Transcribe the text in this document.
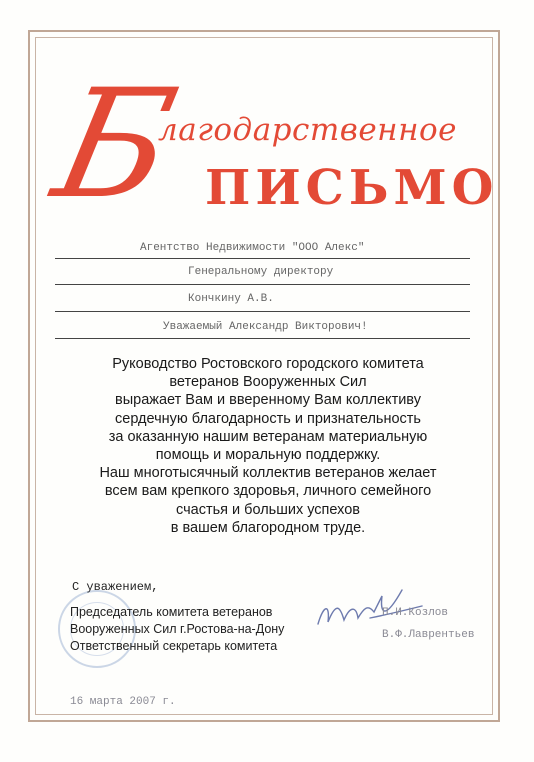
Б
лагодарственное
ПИСЬМО
Агентство Недвижимости "ООО Алекс"
Генеральному директору
Кончкину А.В.
Уважаемый Александр Викторович!
Руководство Ростовского городского комитета
ветеранов Вооруженных Сил
выражает Вам и вверенному Вам коллективу
сердечную благодарность и признательность
за оказанную нашим ветеранам материальную
помощь и моральную поддержку.
Наш многотысячный коллектив ветеранов желает
всем вам крепкого здоровья, личного семейного
счастья и больших успехов
в вашем благородном труде.
С уважением,
Председатель комитета ветеранов
Вооруженных Сил г.Ростова-на-Дону
Ответственный секретарь комитета
П.И.Козлов
В.Ф.Лаврентьев
16 марта 2007 г.
